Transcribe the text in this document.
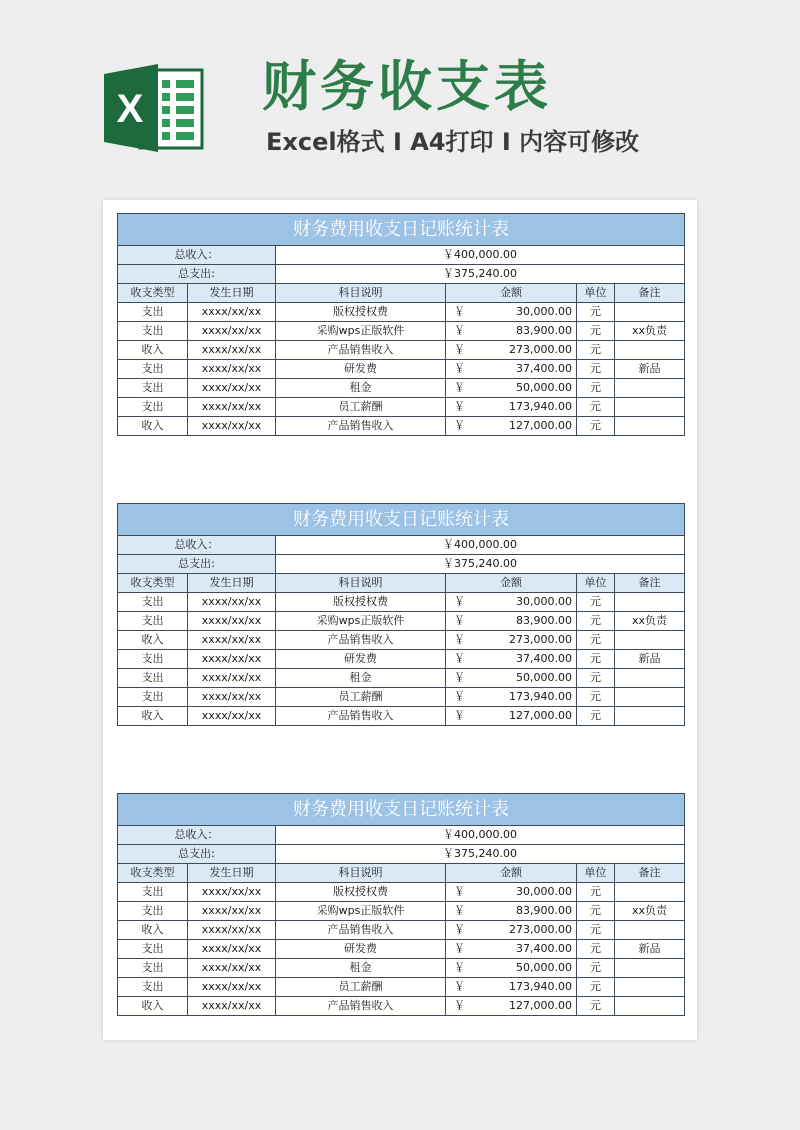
X 财务收支表
Excel格式 I A4打印 I 内容可修改
财务费用收支日记账统计表					
总收入：		￥400,000.00			
总支出:		￥375,240.00			
收支类型	发生日期	科目说明	金额	单位	备注
支出	xxxx/xx/xx	版权授权费	￥ 30,000.00	元	
支出	xxxx/xx/xx	采购wps正版软件	￥ 83,900.00	元	xx负责
收入	xxxx/xx/xx	产品销售收入	￥ 273,000.00	元	
支出	xxxx/xx/xx	研发费	￥ 37,400.00	元	新品
支出	xxxx/xx/xx	租金	￥ 50,000.00	元	
支出	xxxx/xx/xx	员工薪酬	￥ 173,940.00	元	
收入	xxxx/xx/xx	产品销售收入	￥ 127,000.00	元	
财务费用收支日记账统计表					
总收入：		￥400,000.00			
总支出:		￥375,240.00			
收支类型	发生日期	科目说明	金额	单位	备注
支出	xxxx/xx/xx	版权授权费	￥ 30,000.00	元	
支出	xxxx/xx/xx	采购wps正版软件	￥ 83,900.00	元	xx负责
收入	xxxx/xx/xx	产品销售收入	￥ 273,000.00	元	
支出	xxxx/xx/xx	研发费	￥ 37,400.00	元	新品
支出	xxxx/xx/xx	租金	￥ 50,000.00	元	
支出	xxxx/xx/xx	员工薪酬	￥ 173,940.00	元	
收入	xxxx/xx/xx	产品销售收入	￥ 127,000.00	元	
财务费用收支日记账统计表					
总收入：		￥400,000.00			
总支出:		￥375,240.00			
收支类型	发生日期	科目说明	金额	单位	备注
支出	xxxx/xx/xx	版权授权费	￥ 30,000.00	元	
支出	xxxx/xx/xx	采购wps正版软件	￥ 83,900.00	元	xx负责
收入	xxxx/xx/xx	产品销售收入	￥ 273,000.00	元	
支出	xxxx/xx/xx	研发费	￥ 37,400.00	元	新品
支出	xxxx/xx/xx	租金	￥ 50,000.00	元	
支出	xxxx/xx/xx	员工薪酬	￥ 173,940.00	元	
收入	xxxx/xx/xx	产品销售收入	￥ 127,000.00	元	
